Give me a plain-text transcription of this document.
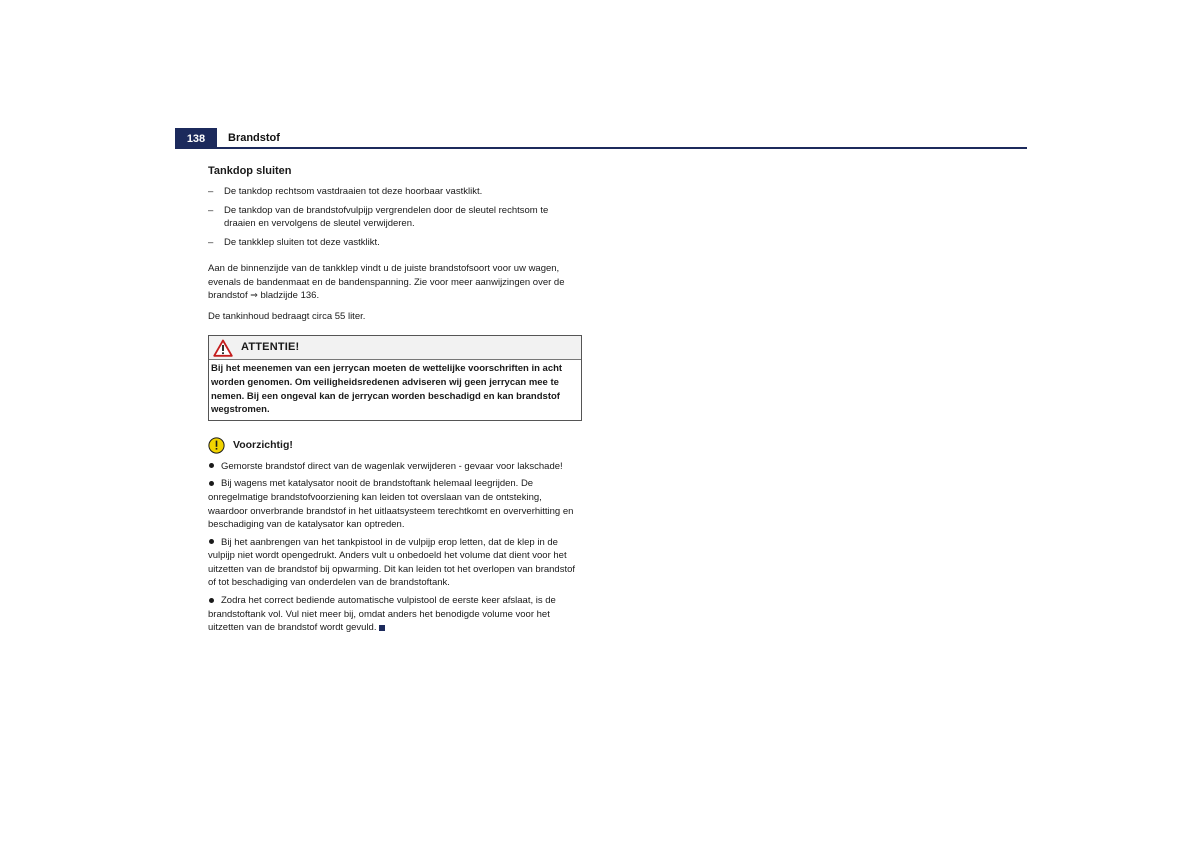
138	Brandstof
Tankdop sluiten
– De tankdop rechtsom vastdraaien tot deze hoorbaar vastklikt.
– De tankdop van de brandstofvulpijp vergrendelen door de sleutel rechtsom te draaien en vervolgens de sleutel verwijderen.
– De tankklep sluiten tot deze vastklikt.

Aan de binnenzijde van de tankklep vindt u de juiste brandstofsoort voor uw wagen, evenals de bandenmaat en de bandenspanning. Zie voor meer aanwijzingen over de brandstof ⇒ bladzijde 136.

De tankinhoud bedraagt circa 55 liter.

ATTENTIE!
Bij het meenemen van een jerrycan moeten de wettelijke voorschriften in acht worden genomen. Om veiligheidsredenen adviseren wij geen jerrycan mee te nemen. Bij een ongeval kan de jerrycan worden beschadigd en kan brandstof wegstromen.
Voorzichtig!

Gemorste brandstof direct van de wagenlak verwijderen - gevaar voor lakschade!

Bij wagens met katalysator nooit de brandstoftank helemaal leegrijden. De onregelmatige brandstofvoorziening kan leiden tot overslaan van de ontsteking, waardoor onverbrande brandstof in het uitlaatsysteem terechtkomt en oververhitting en beschadiging van de katalysator kan optreden.

Bij het aanbrengen van het tankpistool in de vulpijp erop letten, dat de klep in de vulpijp niet wordt opengedrukt. Anders vult u onbedoeld het volume dat dient voor het uitzetten van de brandstof bij opwarming. Dit kan leiden tot het overlopen van brandstof of tot beschadiging van onderdelen van de brandstoftank.

Zodra het correct bediende automatische vulpistool de eerste keer afslaat, is de brandstoftank vol. Vul niet meer bij, omdat anders het benodigde volume voor het uitzetten van de brandstof wordt gevuld.
